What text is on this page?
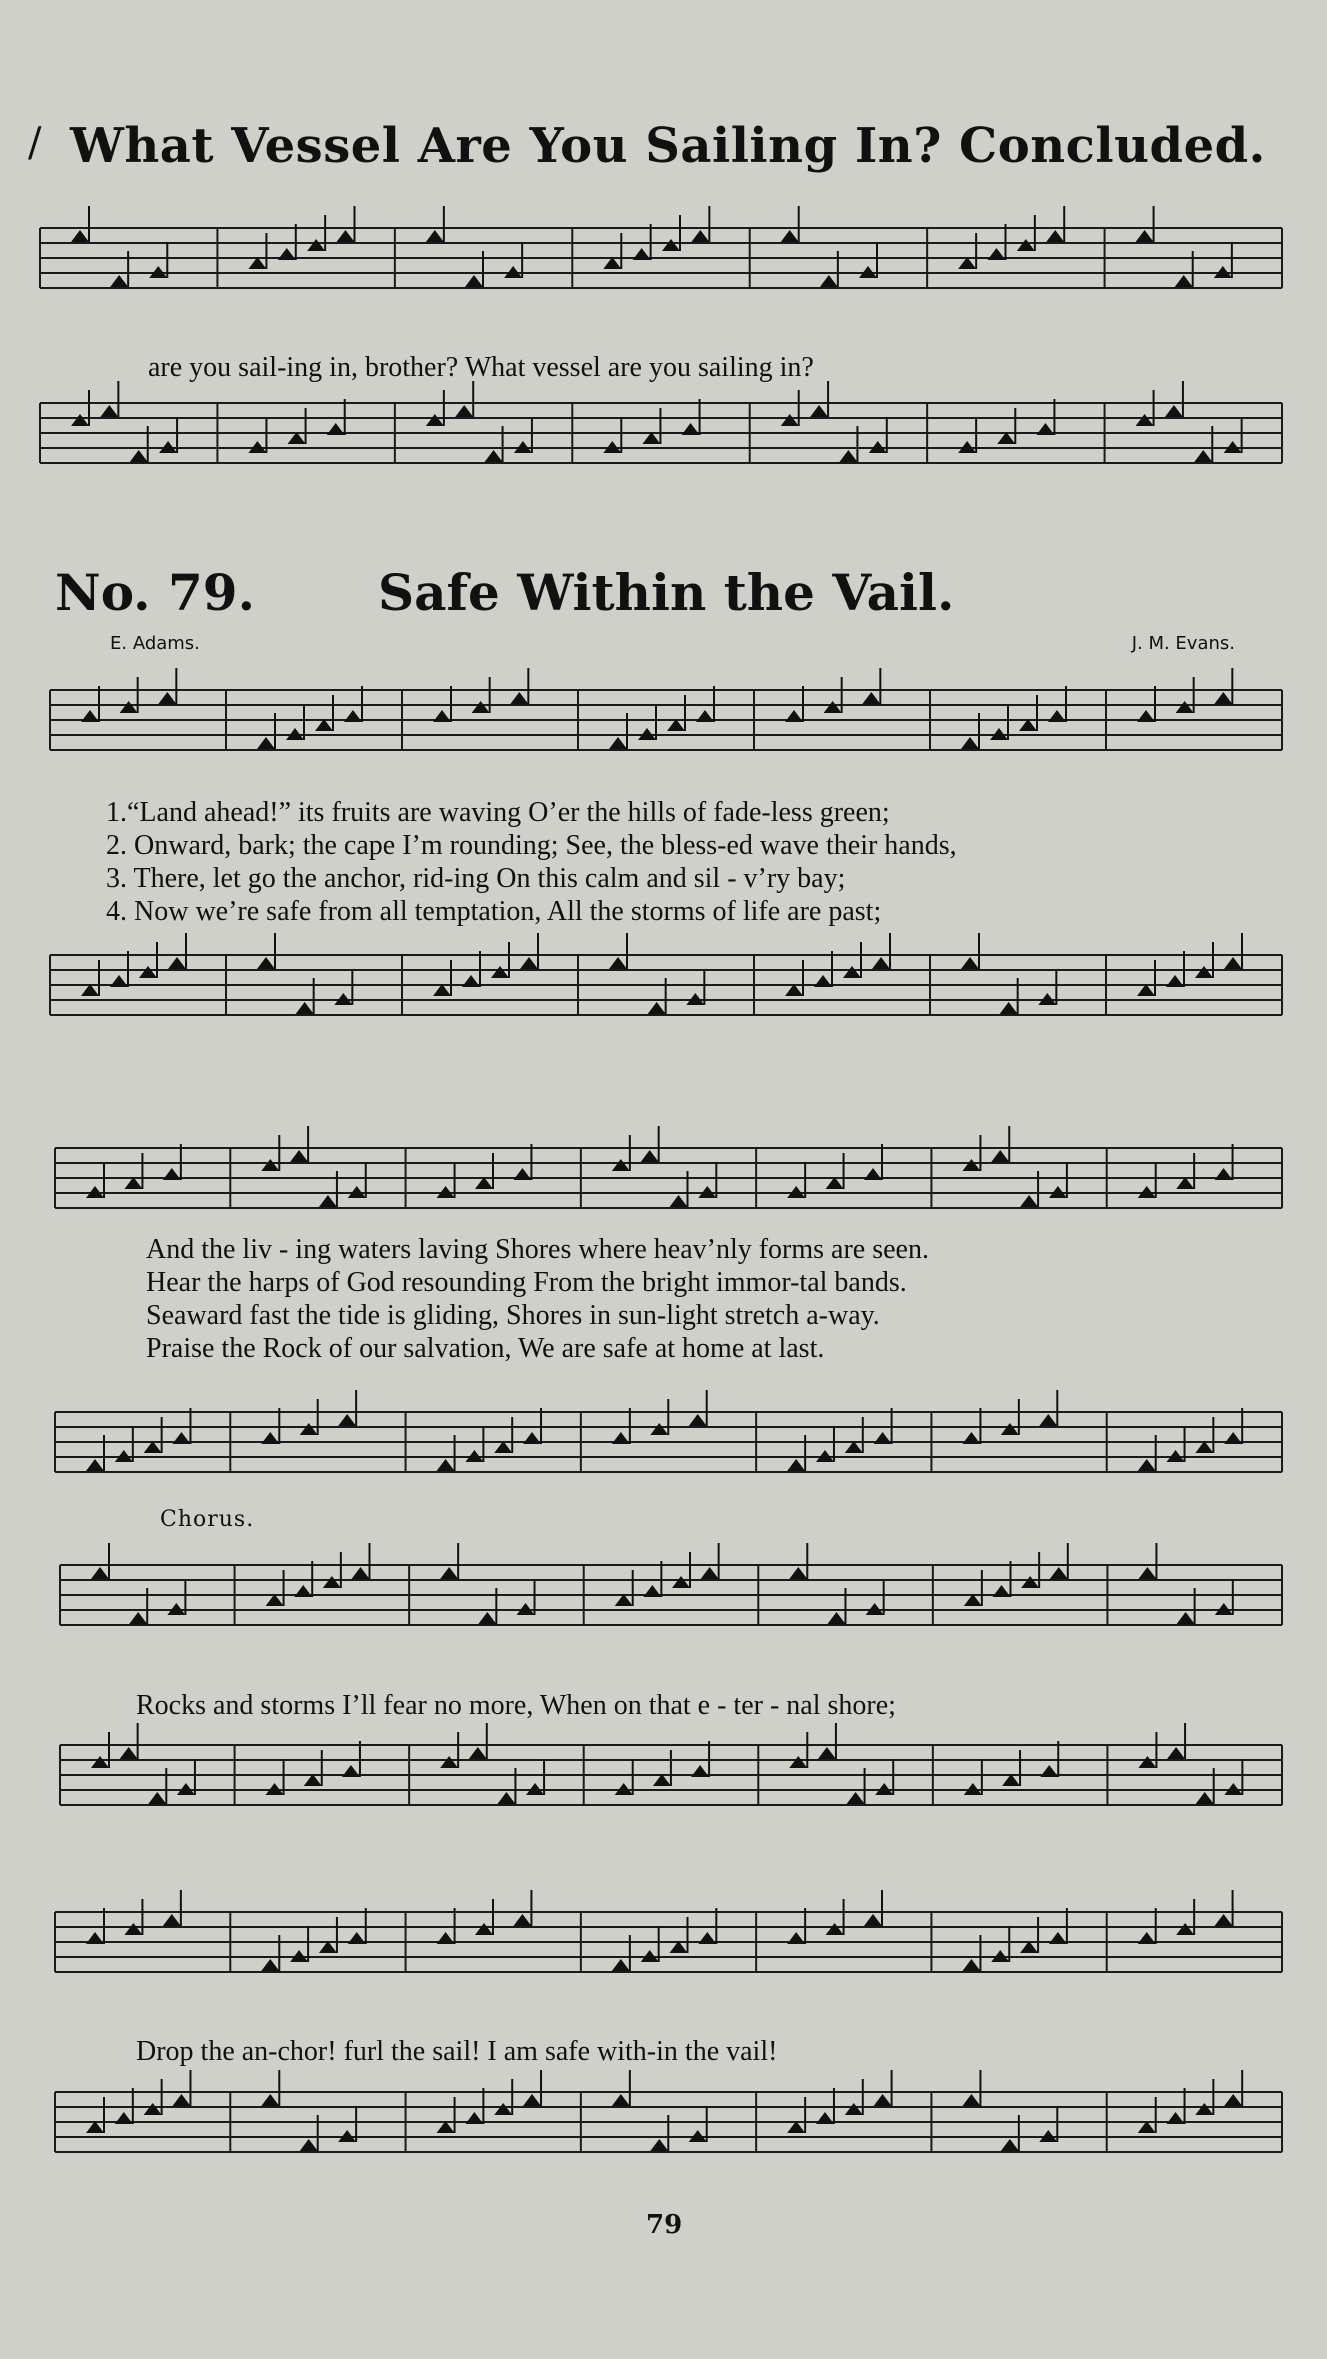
/ What Vessel Are You Sailing In? Concluded.
are you sail-ing in, brother? What vessel are you sailing in?
No. 79. Safe Within the Vail.
E. Adams.	J. M. Evans.
1.“Land ahead!” its fruits are waving O’er the hills of fade-less green;
2. Onward, bark; the cape I’m rounding; See, the bless-ed wave their hands,
3. There, let go the anchor, rid-ing On this calm and sil - v’ry bay;
4. Now we’re safe from all temptation, All the storms of life are past;
And the liv - ing waters laving Shores where heav’nly forms are seen.
Hear the harps of God resounding From the bright immor-tal bands.
Seaward fast the tide is gliding, Shores in sun-light stretch a-way.
Praise the Rock of our salvation, We are safe at home at last.
Chorus.
Rocks and storms I’ll fear no more, When on that e - ter - nal shore;
Drop the an-chor! furl the sail! I am safe with-in the vail!
79
